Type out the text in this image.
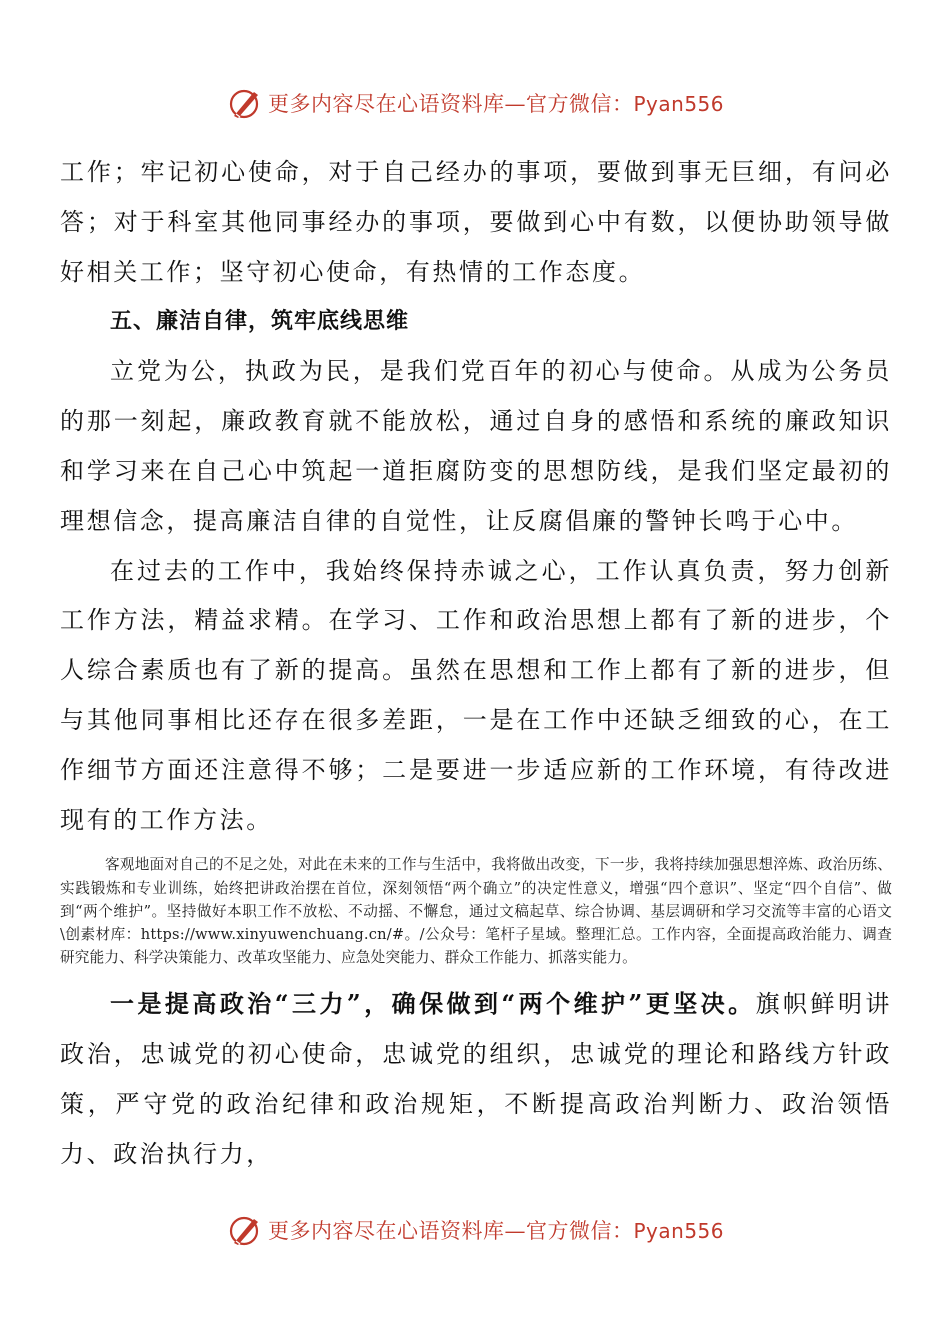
更多内容尽在心语资料库—官方微信：Pyan556

工作；牢记初心使命，对于自己经办的事项，要做到事无巨细，有问必答；对于科室其他同事经办的事项，要做到心中有数，以便协助领导做好相关工作；坚守初心使命，有热情的工作态度。

五、廉洁自律，筑牢底线思维

立党为公，执政为民，是我们党百年的初心与使命。从成为公务员的那一刻起，廉政教育就不能放松，通过自身的感悟和系统的廉政知识和学习来在自己心中筑起一道拒腐防变的思想防线，是我们坚定最初的理想信念，提高廉洁自律的自觉性，让反腐倡廉的警钟长鸣于心中。

在过去的工作中，我始终保持赤诚之心，工作认真负责，努力创新工作方法，精益求精。在学习、工作和政治思想上都有了新的进步，个人综合素质也有了新的提高。虽然在思想和工作上都有了新的进步，但与其他同事相比还存在很多差距，一是在工作中还缺乏细致的心，在工作细节方面还注意得不够；二是要进一步适应新的工作环境，有待改进现有的工作方法。

客观地面对自己的不足之处，对此在未来的工作与生活中，我将做出改变，下一步，我将持续加强思想淬炼、政治历练、实践锻炼和专业训练，始终把讲政治摆在首位，深刻领悟“两个确立”的决定性意义，增强“四个意识”、坚定“四个自信”、做到“两个维护”。坚持做好本职工作不放松、不动摇、不懈怠，通过文稿起草、综合协调、基层调研和学习交流等丰富的心语文\创素材库：https://www.xinyuwenchuang.cn/#。/公众号：笔杆子星域。整理汇总。工作内容，全面提高政治能力、调查研究能力、科学决策能力、改革攻坚能力、应急处突能力、群众工作能力、抓落实能力。

一是提高政治“三力”，确保做到“两个维护”更坚决。旗帜鲜明讲政治，忠诚党的初心使命，忠诚党的组织，忠诚党的理论和路线方针政策，严守党的政治纪律和政治规矩，不断提高政治判断力、政治领悟力、政治执行力，

更多内容尽在心语资料库—官方微信：Pyan556
